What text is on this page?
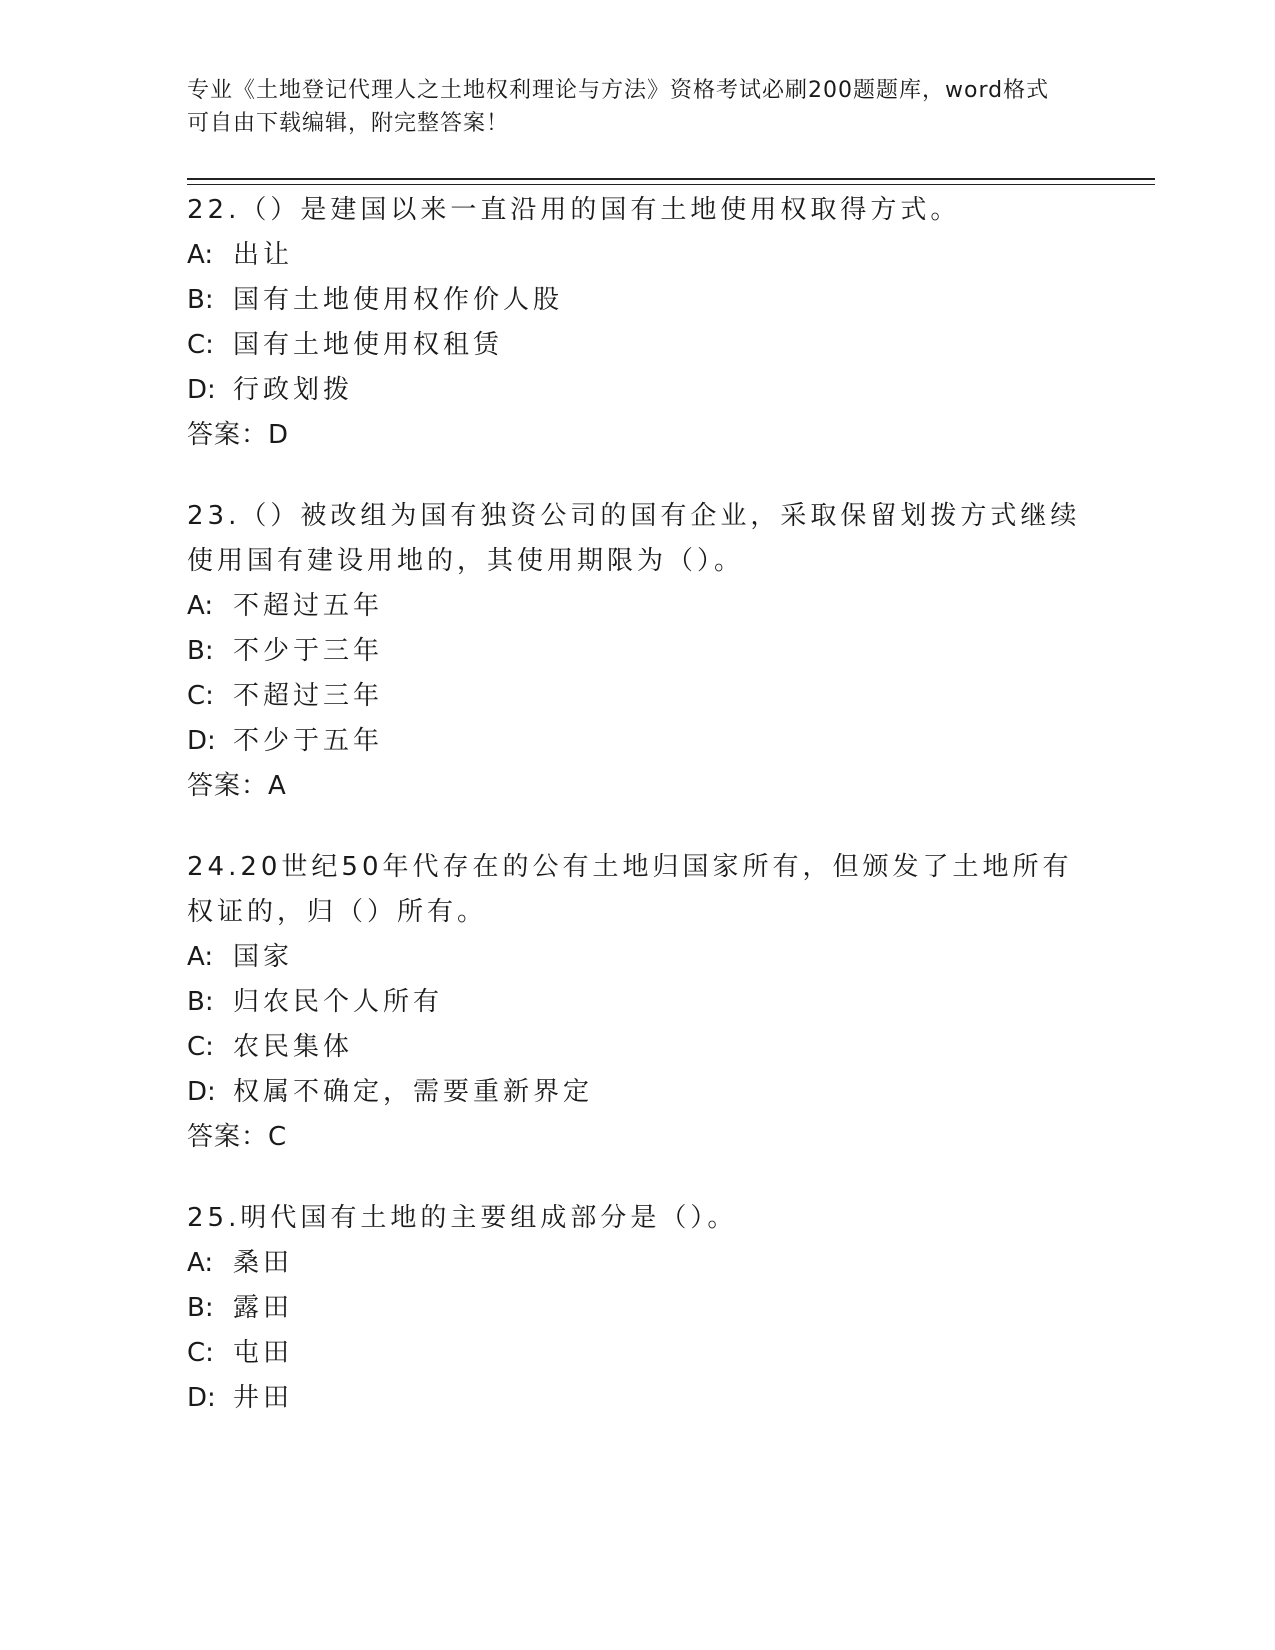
专业《土地登记代理人之土地权利理论与方法》资格考试必刷200题题库，word格式可自由下载编辑，附完整答案！

22.（）是建国以来一直沿用的国有土地使用权取得方式。

A: 出让

B: 国有土地使用权作价人股

C: 国有土地使用权租赁

D: 行政划拨

答案：D

23.（）被改组为国有独资公司的国有企业，采取保留划拨方式继续使用国有建设用地的，其使用期限为（）。

A: 不超过五年

B: 不少于三年

C: 不超过三年

D: 不少于五年

答案：A

24.20世纪50年代存在的公有土地归国家所有，但颁发了土地所有权证的，归（）所有。

A: 国家

B: 归农民个人所有

C: 农民集体

D: 权属不确定，需要重新界定

答案：C

25.明代国有土地的主要组成部分是（）。

A: 桑田

B: 露田

C: 屯田

D: 井田
